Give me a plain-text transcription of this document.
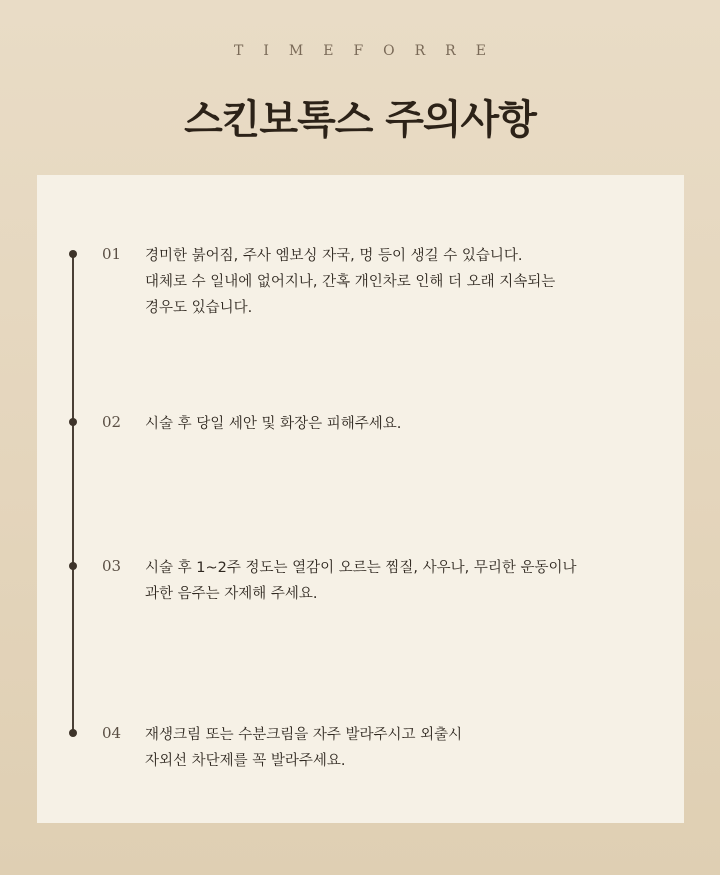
TIMEFORRE
스킨보톡스 주의사항
01 경미한 붉어짐, 주사 엠보싱 자국, 멍 등이 생길 수 있습니다.
대체로 수 일내에 없어지나, 간혹 개인차로 인해 더 오래 지속되는
경우도 있습니다.
02 시술 후 당일 세안 및 화장은 피해주세요.
03 시술 후 1~2주 정도는 열감이 오르는 찜질, 사우나, 무리한 운동이나
과한 음주는 자제해 주세요.
04 재생크림 또는 수분크림을 자주 발라주시고 외출시
자외선 차단제를 꼭 발라주세요.
